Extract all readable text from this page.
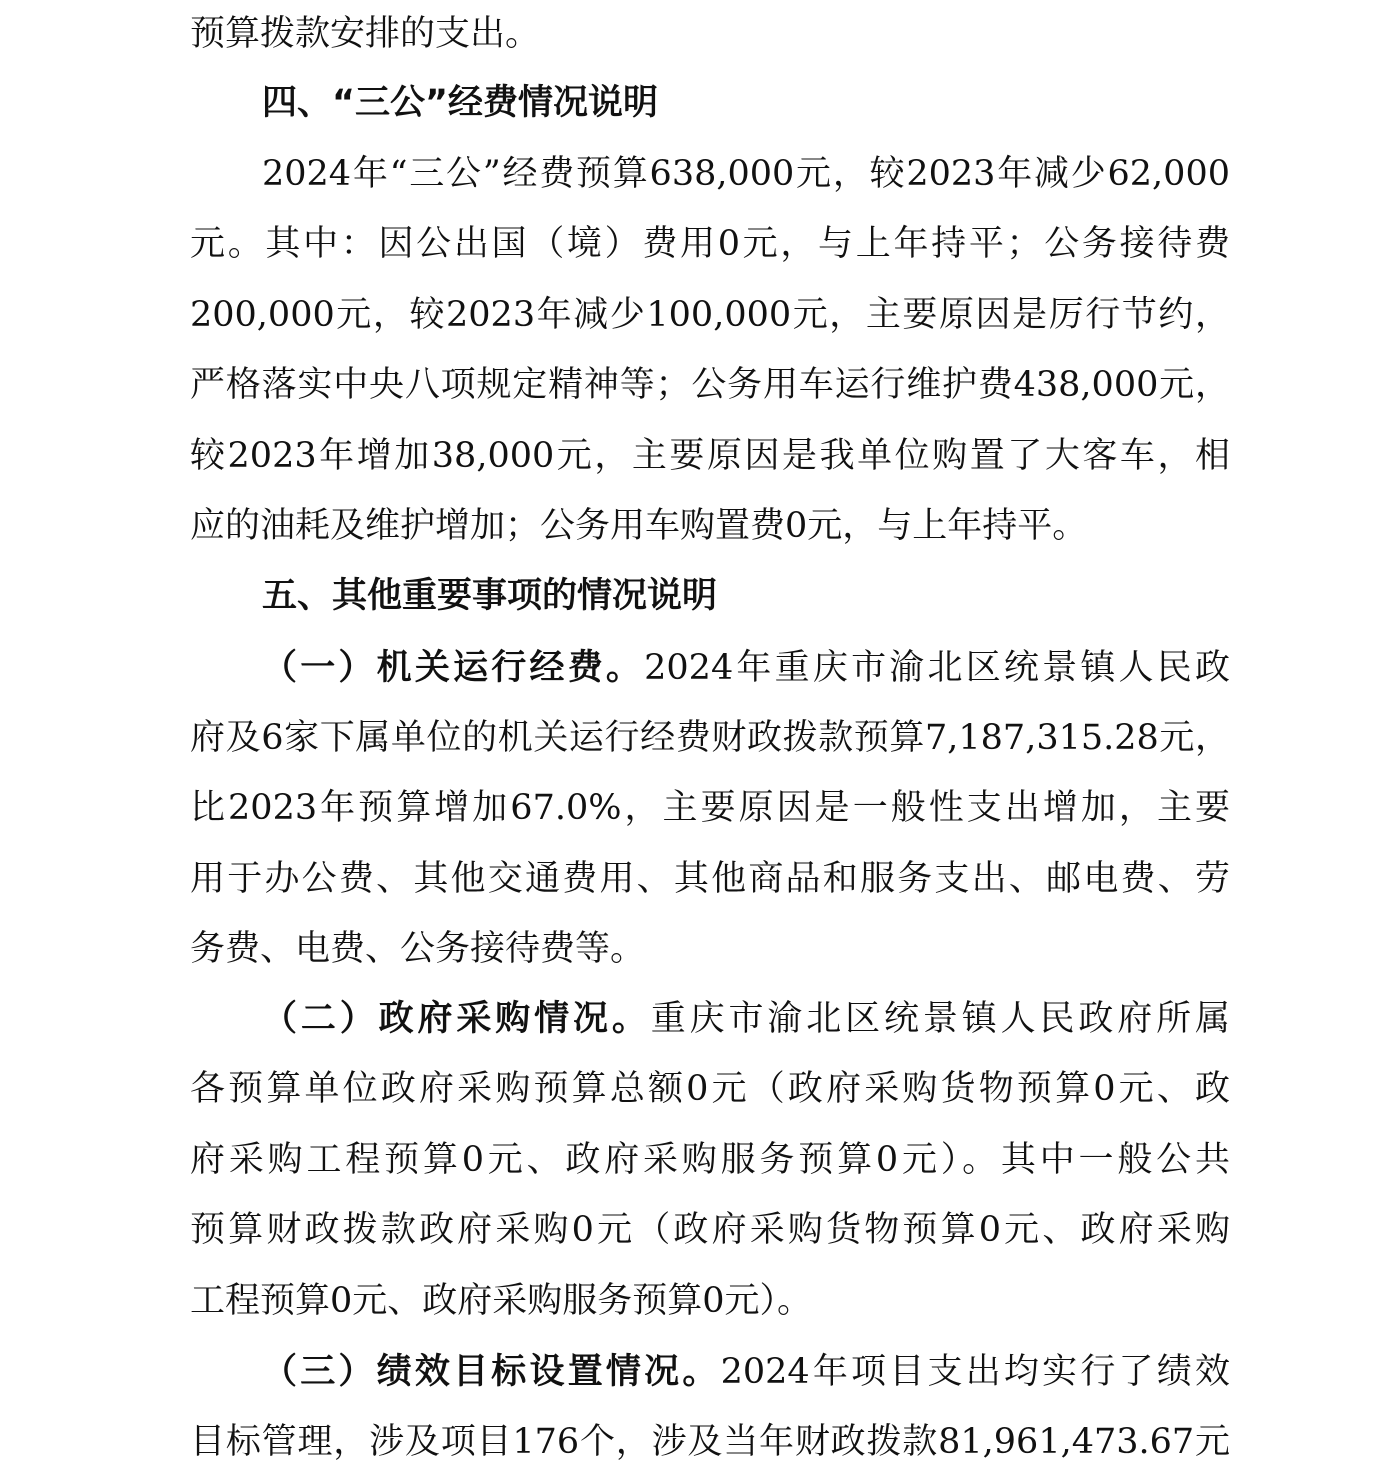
预算拨款安排的支出。
四、“三公”经费情况说明
2024年“三公”经费预算638,000元，较2023年减少62,000
元。其中：因公出国（境）费用0元，与上年持平；公务接待费
200,000元，较2023年减少100,000元，主要原因是厉行节约，
严格落实中央八项规定精神等；公务用车运行维护费438,000元，
较2023年增加38,000元，主要原因是我单位购置了大客车，相
应的油耗及维护增加；公务用车购置费0元，与上年持平。
五、其他重要事项的情况说明
（一）机关运行经费。2024年重庆市渝北区统景镇人民政
府及6家下属单位的机关运行经费财政拨款预算7,187,315.28元，
比2023年预算增加67.0%，主要原因是一般性支出增加，主要
用于办公费、其他交通费用、其他商品和服务支出、邮电费、劳
务费、电费、公务接待费等。
（二）政府采购情况。重庆市渝北区统景镇人民政府所属
各预算单位政府采购预算总额0元（政府采购货物预算0元、政
府采购工程预算0元、政府采购服务预算0元）。其中一般公共
预算财政拨款政府采购0元（政府采购货物预算0元、政府采购
工程预算0元、政府采购服务预算0元）。
（三）绩效目标设置情况。2024年项目支出均实行了绩效
目标管理，涉及项目176个，涉及当年财政拨款81,961,473.67元
